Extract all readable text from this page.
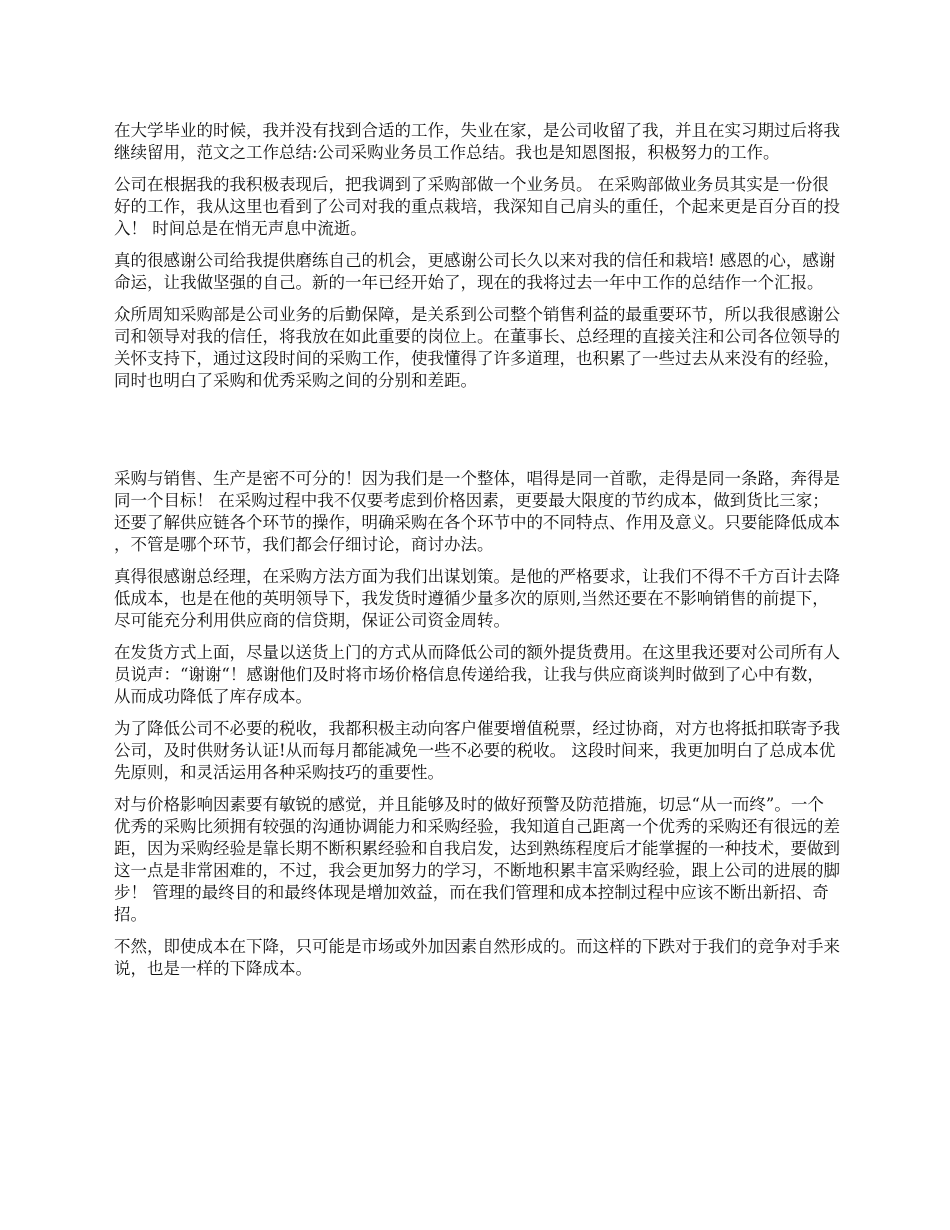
在大学毕业的时候，我并没有找到合适的工作，失业在家，是公司收留了我，并且在实习期过后将我继续留用，范文之工作总结:公司采购业务员工作总结。我也是知恩图报，积极努力的工作。

公司在根据我的我积极表现后，把我调到了采购部做一个业务员。 在采购部做业务员其实是一份很好的工作，我从这里也看到了公司对我的重点栽培，我深知自己肩头的重任，个起来更是百分百的投入！ 时间总是在悄无声息中流逝。

真的很感谢公司给我提供磨练自己的机会，更感谢公司长久以来对我的信任和栽培! 感恩的心，感谢命运，让我做坚强的自己。新的一年已经开始了，现在的我将过去一年中工作的总结作一个汇报。

众所周知采购部是公司业务的后勤保障，是关系到公司整个销售利益的最重要环节，所以我很感谢公司和领导对我的信任，将我放在如此重要的岗位上。在董事长、总经理的直接关注和公司各位领导的关怀支持下，通过这段时间的采购工作，使我懂得了许多道理，也积累了一些过去从来没有的经验，同时也明白了采购和优秀采购之间的分别和差距。

采购与销售、生产是密不可分的！因为我们是一个整体，唱得是同一首歌，走得是同一条路，奔得是同一个目标！ 在采购过程中我不仅要考虑到价格因素，更要最大限度的节约成本，做到货比三家；还要了解供应链各个环节的操作，明确采购在各个环节中的不同特点、作用及意义。只要能降低成本，不管是哪个环节，我们都会仔细讨论，商讨办法。

真得很感谢总经理，在采购方法方面为我们出谋划策。是他的严格要求，让我们不得不千方百计去降低成本，也是在他的英明领导下，我发货时遵循少量多次的原则,当然还要在不影响销售的前提下，尽可能充分利用供应商的信贷期，保证公司资金周转。

在发货方式上面，尽量以送货上门的方式从而降低公司的额外提货费用。在这里我还要对公司所有人员说声：“谢谢“！感谢他们及时将市场价格信息传递给我，让我与供应商谈判时做到了心中有数，从而成功降低了库存成本。

为了降低公司不必要的税收，我都积极主动向客户催要增值税票，经过协商，对方也将抵扣联寄予我公司，及时供财务认证!从而每月都能减免一些不必要的税收。 这段时间来，我更加明白了总成本优先原则，和灵活运用各种采购技巧的重要性。

对与价格影响因素要有敏锐的感觉，并且能够及时的做好预警及防范措施，切忌“从一而终”。一个优秀的采购比须拥有较强的沟通协调能力和采购经验，我知道自己距离一个优秀的采购还有很远的差距，因为采购经验是靠长期不断积累经验和自我启发，达到熟练程度后才能掌握的一种技术，要做到这一点是非常困难的，不过，我会更加努力的学习，不断地积累丰富采购经验，跟上公司的进展的脚步！ 管理的最终目的和最终体现是增加效益，而在我们管理和成本控制过程中应该不断出新招、奇招。

不然，即使成本在下降，只可能是市场或外加因素自然形成的。而这样的下跌对于我们的竞争对手来说，也是一样的下降成本。
